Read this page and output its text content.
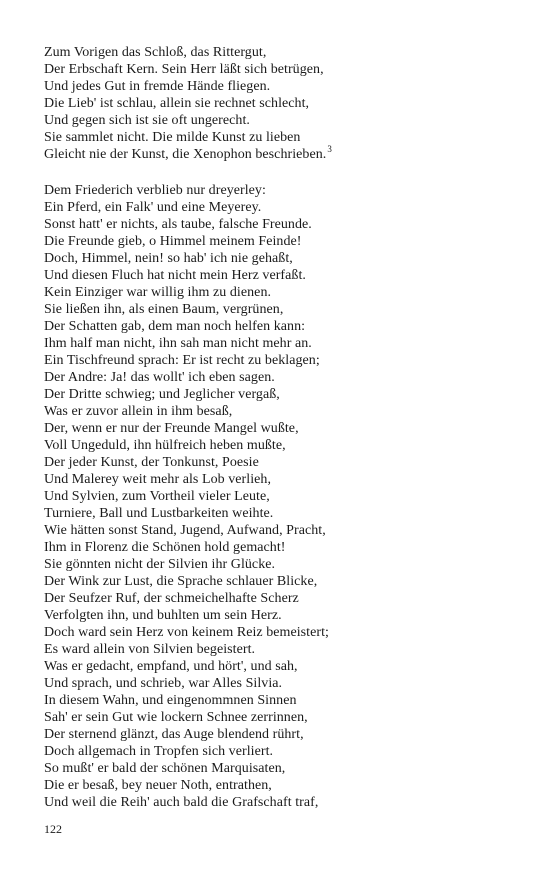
Zum Vorigen das Schloß, das Rittergut,
Der Erbschaft Kern. Sein Herr läßt sich betrügen,
Und jedes Gut in fremde Hände fliegen.
Die Lieb' ist schlau, allein sie rechnet schlecht,
Und gegen sich ist sie oft ungerecht.
Sie sammlet nicht. Die milde Kunst zu lieben
Gleicht nie der Kunst, die Xenophon beschrieben.$^3$
Dem Friederich verblieb nur dreyerley:
Ein Pferd, ein Falk' und eine Meyerey.
Sonst hatt' er nichts, als taube, falsche Freunde.
Die Freunde gieb, o Himmel meinem Feinde!
Doch, Himmel, nein! so hab' ich nie gehaßt,
Und diesen Fluch hat nicht mein Herz verfaßt.
Kein Einziger war willig ihm zu dienen.
Sie ließen ihn, als einen Baum, vergrünen,
Der Schatten gab, dem man noch helfen kann:
Ihm half man nicht, ihn sah man nicht mehr an.
Ein Tischfreund sprach: Er ist recht zu beklagen;
Der Andre: Ja! das wollt' ich eben sagen.
Der Dritte schwieg; und Jeglicher vergaß,
Was er zuvor allein in ihm besaß,
Der, wenn er nur der Freunde Mangel wußte,
Voll Ungeduld, ihn hülfreich heben mußte,
Der jeder Kunst, der Tonkunst, Poesie
Und Malerey weit mehr als Lob verlieh,
Und Sylvien, zum Vortheil vieler Leute,
Turniere, Ball und Lustbarkeiten weihte.
Wie hätten sonst Stand, Jugend, Aufwand, Pracht,
Ihm in Florenz die Schönen hold gemacht!
Sie gönnten nicht der Silvien ihr Glücke.
Der Wink zur Lust, die Sprache schlauer Blicke,
Der Seufzer Ruf, der schmeichelhafte Scherz
Verfolgten ihn, und buhlten um sein Herz.
Doch ward sein Herz von keinem Reiz bemeistert;
Es ward allein von Silvien begeistert.
Was er gedacht, empfand, und hört', und sah,
Und sprach, und schrieb, war Alles Silvia.
In diesem Wahn, und eingenommnen Sinnen
Sah' er sein Gut wie lockern Schnee zerrinnen,
Der sternend glänzt, das Auge blendend rührt,
Doch allgemach in Tropfen sich verliert.
So mußt' er bald der schönen Marquisaten,
Die er besaß, bey neuer Noth, entrathen,
Und weil die Reih' auch bald die Grafschaft traf,
122
